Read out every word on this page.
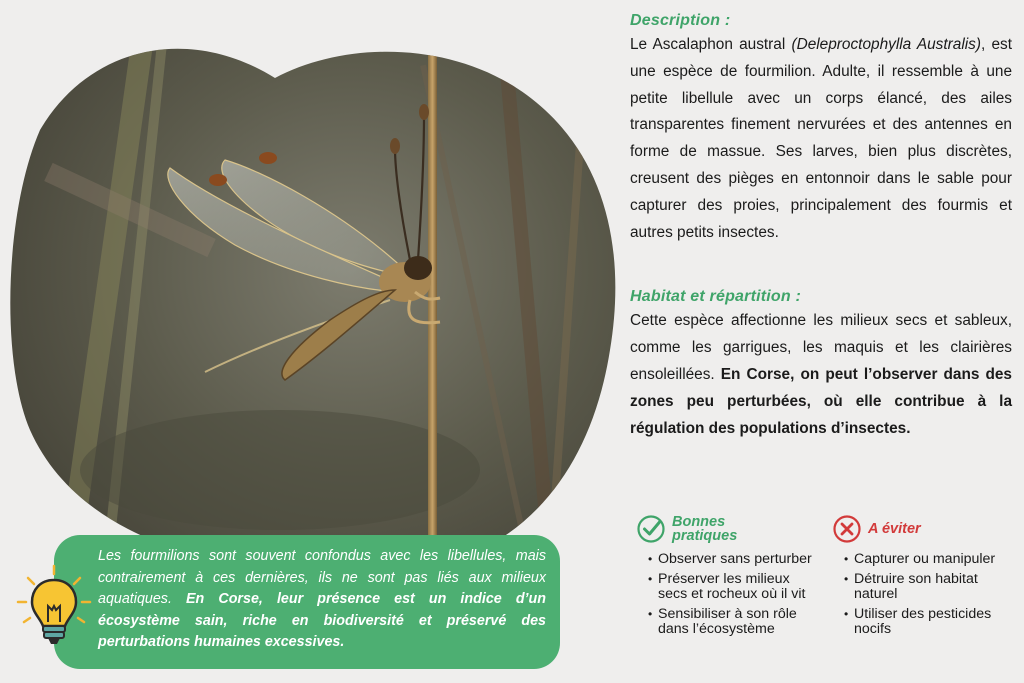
Description :

Le Ascalaphon austral (Deleproctophylla Australis), est une espèce de fourmilion. Adulte, il ressemble à une petite libellule avec un corps élancé, des ailes transparentes finement nervurées et des antennes en forme de massue. Ses larves, bien plus discrètes, creusent des pièges en entonnoir dans le sable pour capturer des proies, principalement des fourmis et autres petits insectes.

Habitat et répartition :

Cette espèce affectionne les milieux secs et sableux, comme les garrigues, les maquis et les clairières ensoleillées. En Corse, on peut l’observer dans des zones peu perturbées, où elle contribue à la régulation des populations d’insectes.

Bonnes pratiques
• Observer sans perturber
• Préserver les milieux secs et rocheux où il vit
• Sensibiliser à son rôle dans l’écosystème
A éviter
• Capturer ou manipuler
• Détruire son habitat naturel
• Utiliser des pesticides nocifs

Les fourmilions sont souvent confondus avec les libellules, mais contrairement à ces dernières, ils ne sont pas liés aux milieux aquatiques. En Corse, leur présence est un indice d’un écosystème sain, riche en biodiversité et préservé des perturbations humaines excessives.
